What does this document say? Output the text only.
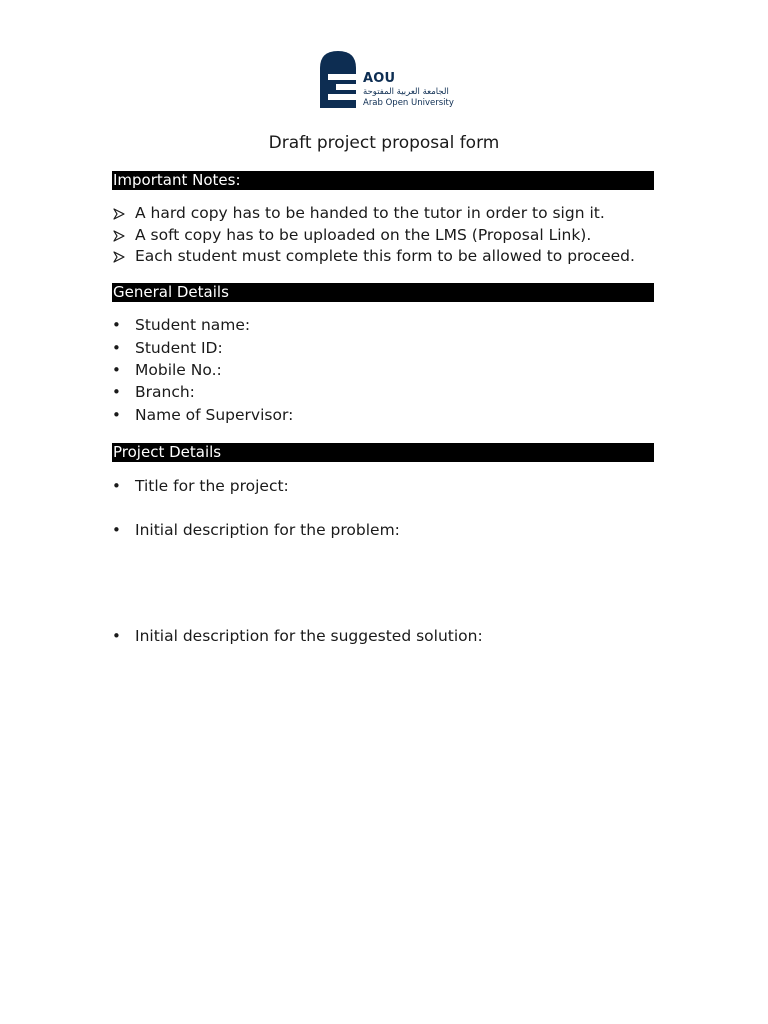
AOU
الجامعة العربية المفتوحة
Arab Open University
Draft project proposal form
Important Notes:
A hard copy has to be handed to the tutor in order to sign it.
A soft copy has to be uploaded on the LMS (Proposal Link).
Each student must complete this form to be allowed to proceed.
General Details
• Student name:
• Student ID:
• Mobile No.:
• Branch:
• Name of Supervisor:
Project Details
• Title for the project:
• Initial description for the problem:
• Initial description for the suggested solution:
